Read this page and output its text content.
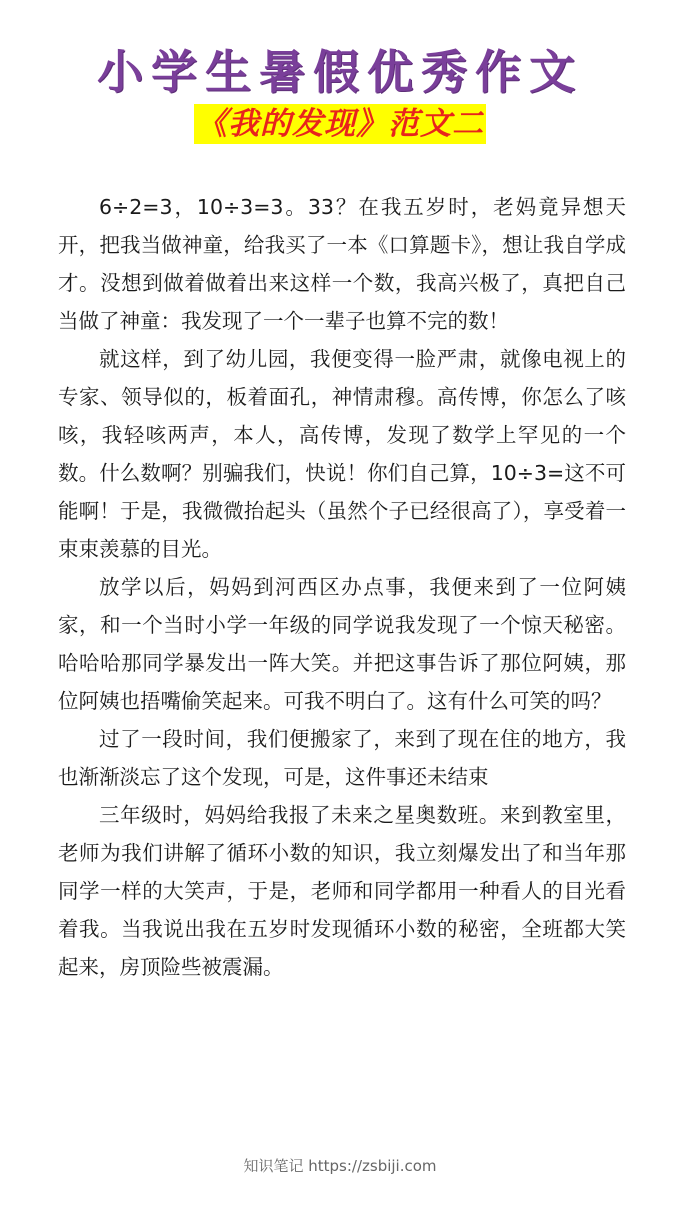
小学生暑假优秀作文
《我的发现》范文二

6÷2=3，10÷3=3。33？在我五岁时，老妈竟异想天开，把我当做神童，给我买了一本《口算题卡》，想让我自学成才。没想到做着做着出来这样一个数，我高兴极了，真把自己当做了神童：我发现了一个一辈子也算不完的数！

就这样，到了幼儿园，我便变得一脸严肃，就像电视上的专家、领导似的，板着面孔，神情肃穆。高传博，你怎么了咳咳，我轻咳两声，本人，高传博，发现了数学上罕见的一个数。什么数啊？别骗我们，快说！你们自己算，10÷3=这不可能啊！于是，我微微抬起头（虽然个子已经很高了），享受着一束束羡慕的目光。

放学以后，妈妈到河西区办点事，我便来到了一位阿姨家，和一个当时小学一年级的同学说我发现了一个惊天秘密。哈哈哈那同学暴发出一阵大笑。并把这事告诉了那位阿姨，那位阿姨也捂嘴偷笑起来。可我不明白了。这有什么可笑的吗？

过了一段时间，我们便搬家了，来到了现在住的地方，我也渐渐淡忘了这个发现，可是，这件事还未结束

三年级时，妈妈给我报了未来之星奥数班。来到教室里，老师为我们讲解了循环小数的知识，我立刻爆发出了和当年那同学一样的大笑声，于是，老师和同学都用一种看人的目光看着我。当我说出我在五岁时发现循环小数的秘密，全班都大笑起来，房顶险些被震漏。

知识笔记 https://zsbiji.com
